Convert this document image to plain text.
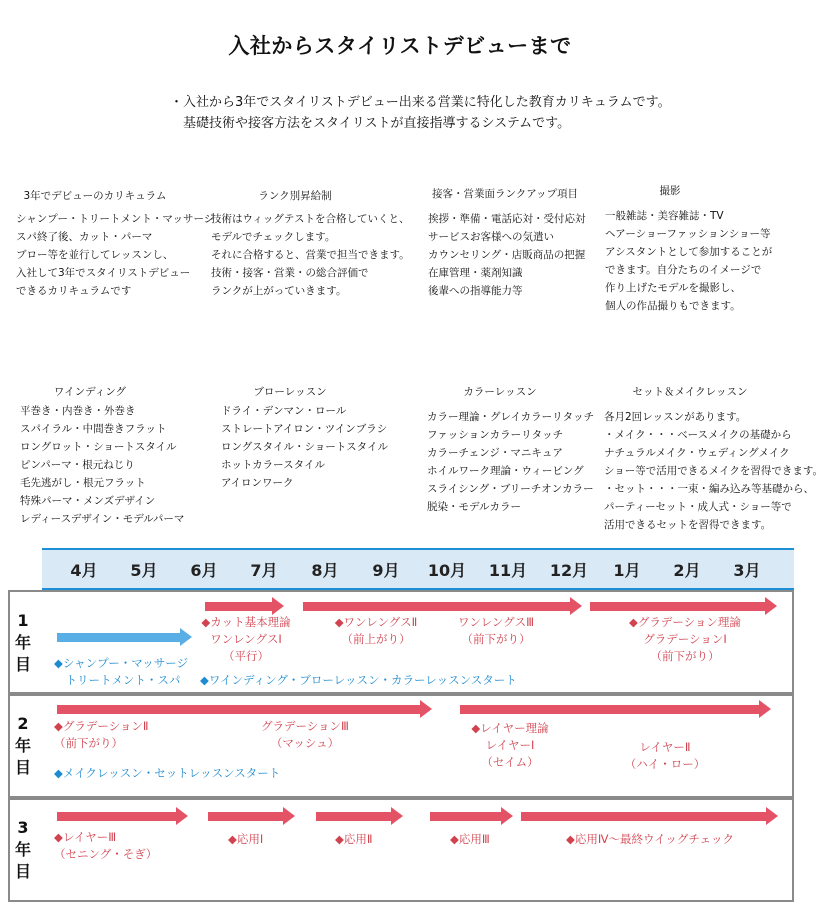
入社からスタイリストデビューまで
・入社から3年でスタイリストデビュー出来る営業に特化した教育カリキュラムです。
　基礎技術や接客方法をスタイリストが直接指導するシステムです。
3年でデビューのカリキュラム
シャンプー・トリートメント・マッサージ
スパ終了後、カット・パーマ
ブロー等を並行してレッスンし、
入社して3年でスタイリストデビュー
できるカリキュラムです
ランク別昇給制
技術はウィッグテストを合格していくと、
モデルでチェックします。
それに合格すると、営業で担当できます。
技術・接客・営業・の総合評価で
ランクが上がっていきます。
接客・営業面ランクアップ項目
挨拶・準備・電話応対・受付応対
サービスお客様への気遣い
カウンセリング・店販商品の把握
在庫管理・薬剤知識
後輩への指導能力等
撮影
一般雑誌・美容雑誌・TV
ヘアーショーファッションショー等
アシスタントとして参加することが
できます。自分たちのイメージで
作り上げたモデルを撮影し、
個人の作品撮りもできます。
ワインディング
平巻き・内巻き・外巻き
スパイラル・中間巻きフラット
ロングロット・ショートスタイル
ピンパーマ・根元ねじり
毛先逃がし・根元フラット
特殊パーマ・メンズデザイン
レディースデザイン・モデルパーマ
ブローレッスン
ドライ・デンマン・ロール
ストレートアイロン・ツインブラシ
ロングスタイル・ショートスタイル
ホットカラースタイル
アイロンワーク
カラーレッスン
カラー理論・グレイカラーリタッチ
ファッションカラーリタッチ
カラーチェンジ・マニキュア
ホイルワーク理論・ウィービング
スライシング・ブリーチオンカラー
脱染・モデルカラー
セット＆メイクレッスン
各月2回レッスンがあります。
・メイク・・・ベースメイクの基礎から
ナチュラルメイク・ウェディングメイク
ショー等で活用できるメイクを習得できます。
・セット・・・一束・編み込み等基礎から、
パーティーセット・成人式・ショー等で
活用できるセットを習得できます。
4月 5月 6月 7月 8月 9月 10月 11月 12月 1月 2月 3月
1
年
目
2
年
目
3
年
目
◆カット基本理論
ワンレングスⅠ
（平行）
◆ワンレングスⅡ
（前上がり）
ワンレングスⅢ
（前下がり）
◆グラデーション理論
グラデーションⅠ
（前下がり）
◆シャンプー・マッサージ
　トリートメント・スパ	◆ワインディング・ブローレッスン・カラーレッスンスタート
◆グラデーションⅡ
（前下がり）
グラデーションⅢ
（マッシュ）
◆レイヤー理論
レイヤーⅠ
（セイム）
レイヤーⅡ
（ハイ・ロー）
◆メイクレッスン・セットレッスンスタート
◆レイヤーⅢ
（セニング・そぎ）
◆応用Ⅰ	◆応用Ⅱ	◆応用Ⅲ	◆応用Ⅳ～最終ウイッグチェック
